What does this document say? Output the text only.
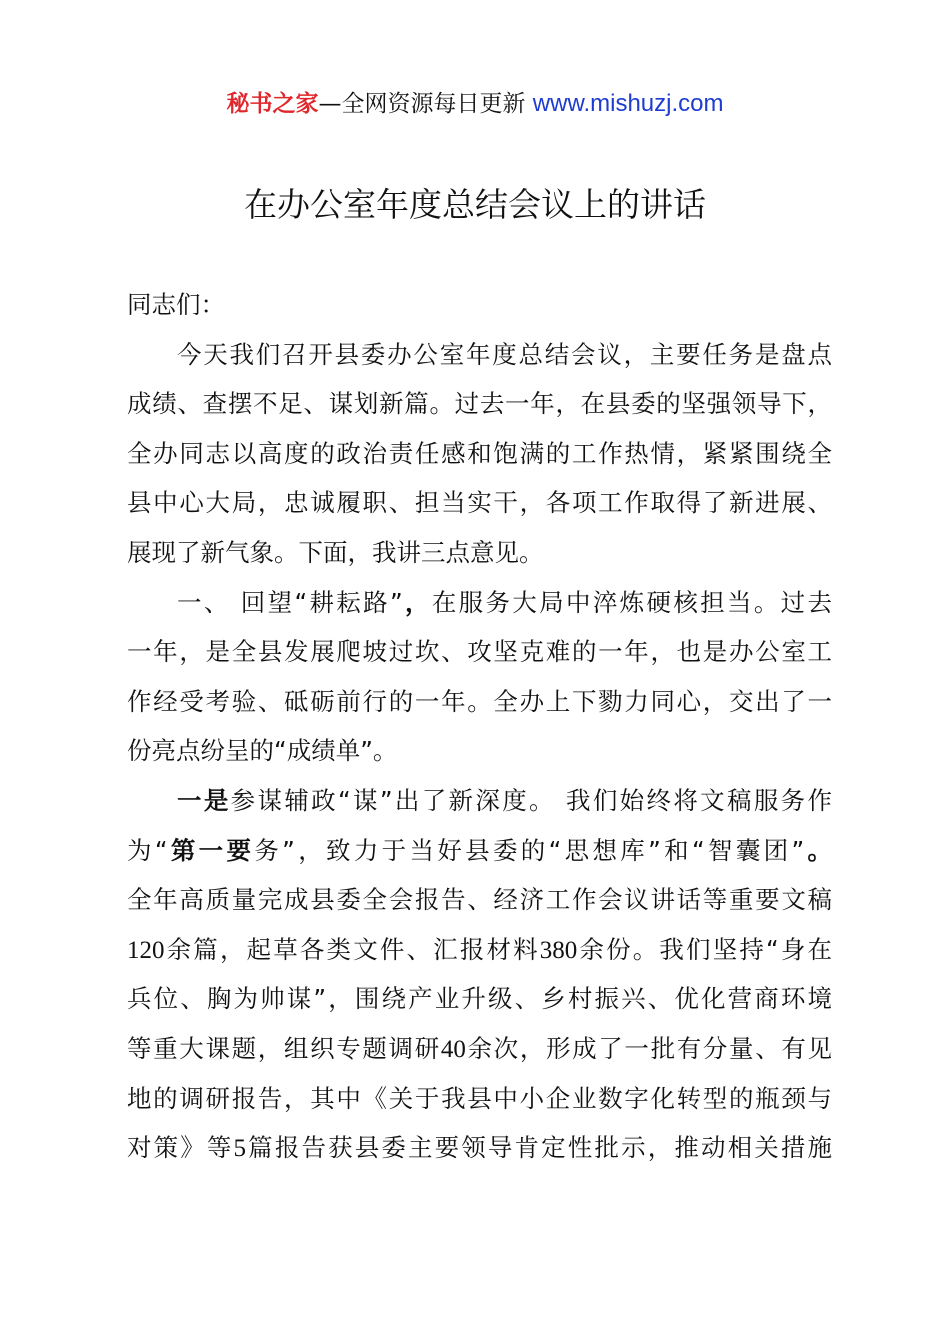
秘书之家—全网资源每日更新 www.mishuzj.com
在办公室年度总结会议上的讲话
同志们：
今天我们召开县委办公室年度总结会议，主要任务是盘点
成绩、查摆不足、谋划新篇。过去一年，在县委的坚强领导下，
全办同志以高度的政治责任感和饱满的工作热情，紧紧围绕全
县中心大局，忠诚履职、担当实干，各项工作取得了新进展、
展现了新气象。下面，我讲三点意见。
一、 回望“耕耘路”，在服务大局中淬炼硬核担当。过去
一年，是全县发展爬坡过坎、攻坚克难的一年，也是办公室工
作经受考验、砥砺前行的一年。全办上下勠力同心，交出了一
份亮点纷呈的“成绩单”。
一是参谋辅政“谋”出了新深度。 我们始终将文稿服务作
为“第一要务”，致力于当好县委的“思想库”和“智囊团”。
全年高质量完成县委全会报告、经济工作会议讲话等重要文稿
120余篇，起草各类文件、汇报材料380余份。我们坚持“身在
兵位、胸为帅谋”，围绕产业升级、乡村振兴、优化营商环境
等重大课题，组织专题调研40余次，形成了一批有分量、有见
地的调研报告，其中《关于我县中小企业数字化转型的瓶颈与
对策》等5篇报告获县委主要领导肯定性批示，推动相关措施
